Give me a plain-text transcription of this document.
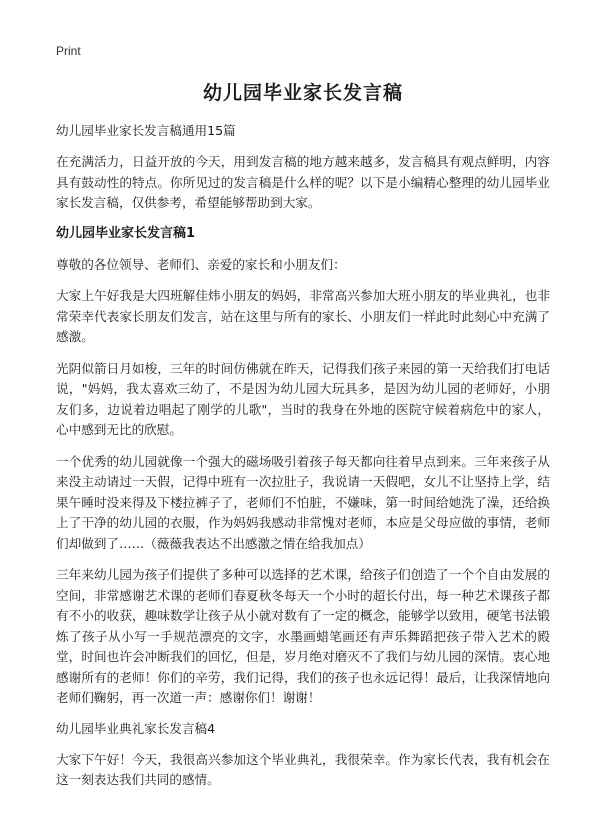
Print
幼儿园毕业家长发言稿
幼儿园毕业家长发言稿通用15篇

在充满活力，日益开放的今天，用到发言稿的地方越来越多，发言稿具有观点鲜明，内容具有鼓动性的特点。你所见过的发言稿是什么样的呢？以下是小编精心整理的幼儿园毕业家长发言稿，仅供参考，希望能够帮助到大家。

幼儿园毕业家长发言稿1

尊敬的各位领导、老师们、亲爱的家长和小朋友们：

大家上午好我是大四班解佳炜小朋友的妈妈，非常高兴参加大班小朋友的毕业典礼，也非常荣幸代表家长朋友们发言，站在这里与所有的家长、小朋友们一样此时此刻心中充满了感激。

光阴似箭日月如梭，三年的时间仿佛就在昨天，记得我们孩子来园的第一天给我们打电话说，"妈妈，我太喜欢三幼了，不是因为幼儿园大玩具多，是因为幼儿园的老师好，小朋友们多，边说着边唱起了刚学的儿歌"，当时的我身在外地的医院守候着病危中的家人，心中感到无比的欣慰。

一个优秀的幼儿园就像一个强大的磁场吸引着孩子每天都向往着早点到来。三年来孩子从来没主动请过一天假，记得中班有一次拉肚子，我说请一天假吧，女儿不让坚持上学，结果午睡时没来得及下楼拉裤子了，老师们不怕脏，不嫌味，第一时间给她洗了澡，还给换上了干净的幼儿园的衣服，作为妈妈我感动非常愧对老师，本应是父母应做的事情，老师们却做到了……（薇薇我表达不出感激之情在给我加点）

三年来幼儿园为孩子们提供了多种可以选择的艺术课，给孩子们创造了一个个自由发展的空间，非常感谢艺术课的老师们春夏秋冬每天一个小时的超长付出，每一种艺术课孩子都有不小的收获，趣味数学让孩子从小就对数有了一定的概念，能够学以致用，硬笔书法锻炼了孩子从小写一手规范漂亮的文字，水墨画蜡笔画还有声乐舞蹈把孩子带入艺术的殿堂，时间也许会冲断我们的回忆，但是，岁月绝对磨灭不了我们与幼儿园的深情。衷心地感谢所有的老师！你们的辛劳，我们记得，我们的孩子也永远记得！最后，让我深情地向老师们鞠躬，再一次道一声：感谢你们！谢谢！

幼儿园毕业典礼家长发言稿4

大家下午好！今天，我很高兴参加这个毕业典礼，我很荣幸。作为家长代表，我有机会在这一刻表达我们共同的感情。
